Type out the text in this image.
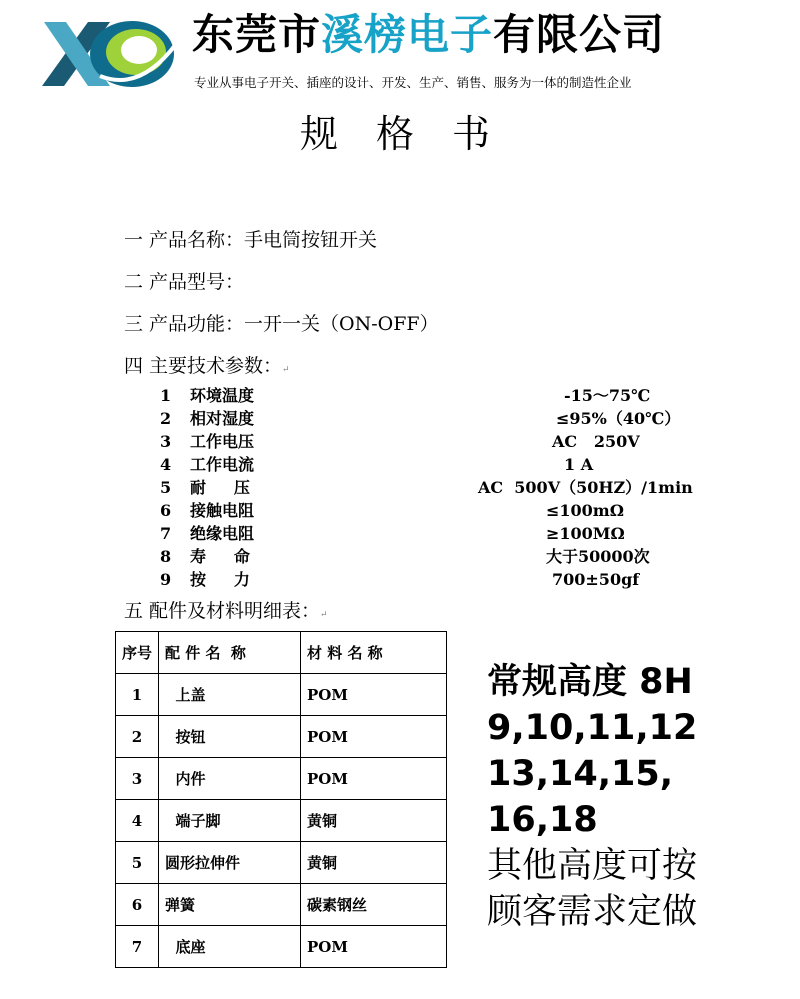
东莞市溪榜电子有限公司
专业从事电子开关、插座的设计、开发、生产、销售、服务为一体的制造性企业
规格书
一 产品名称：手电筒按钮开关
二 产品型号：
三 产品功能：一开一关（ON-OFF）
四 主要技术参数：↵
1 环境温度	-15～75℃
2 相对湿度	≤95%（40℃）
3 工作电压	AC   250V
4 工作电流	1 A
5 耐     压	AC  500V（50HZ）/1min
6 接触电阻	≤100mΩ
7 绝缘电阻	≥100MΩ
8 寿     命	大于50000次
9 按     力	700±50gf
五 配件及材料明细表：↵
序号	配 件 名  称	材 料 名 称
1	上盖	POM
2	按钮	POM
3	内件	POM
4	端子脚	黄铜
5	圆形拉伸件	黄铜
6	弹簧	碳素钢丝
7	底座	POM
常规高度 8H
9,10,11,12
13,14,15,
16,18
其他高度可按
顾客需求定做
